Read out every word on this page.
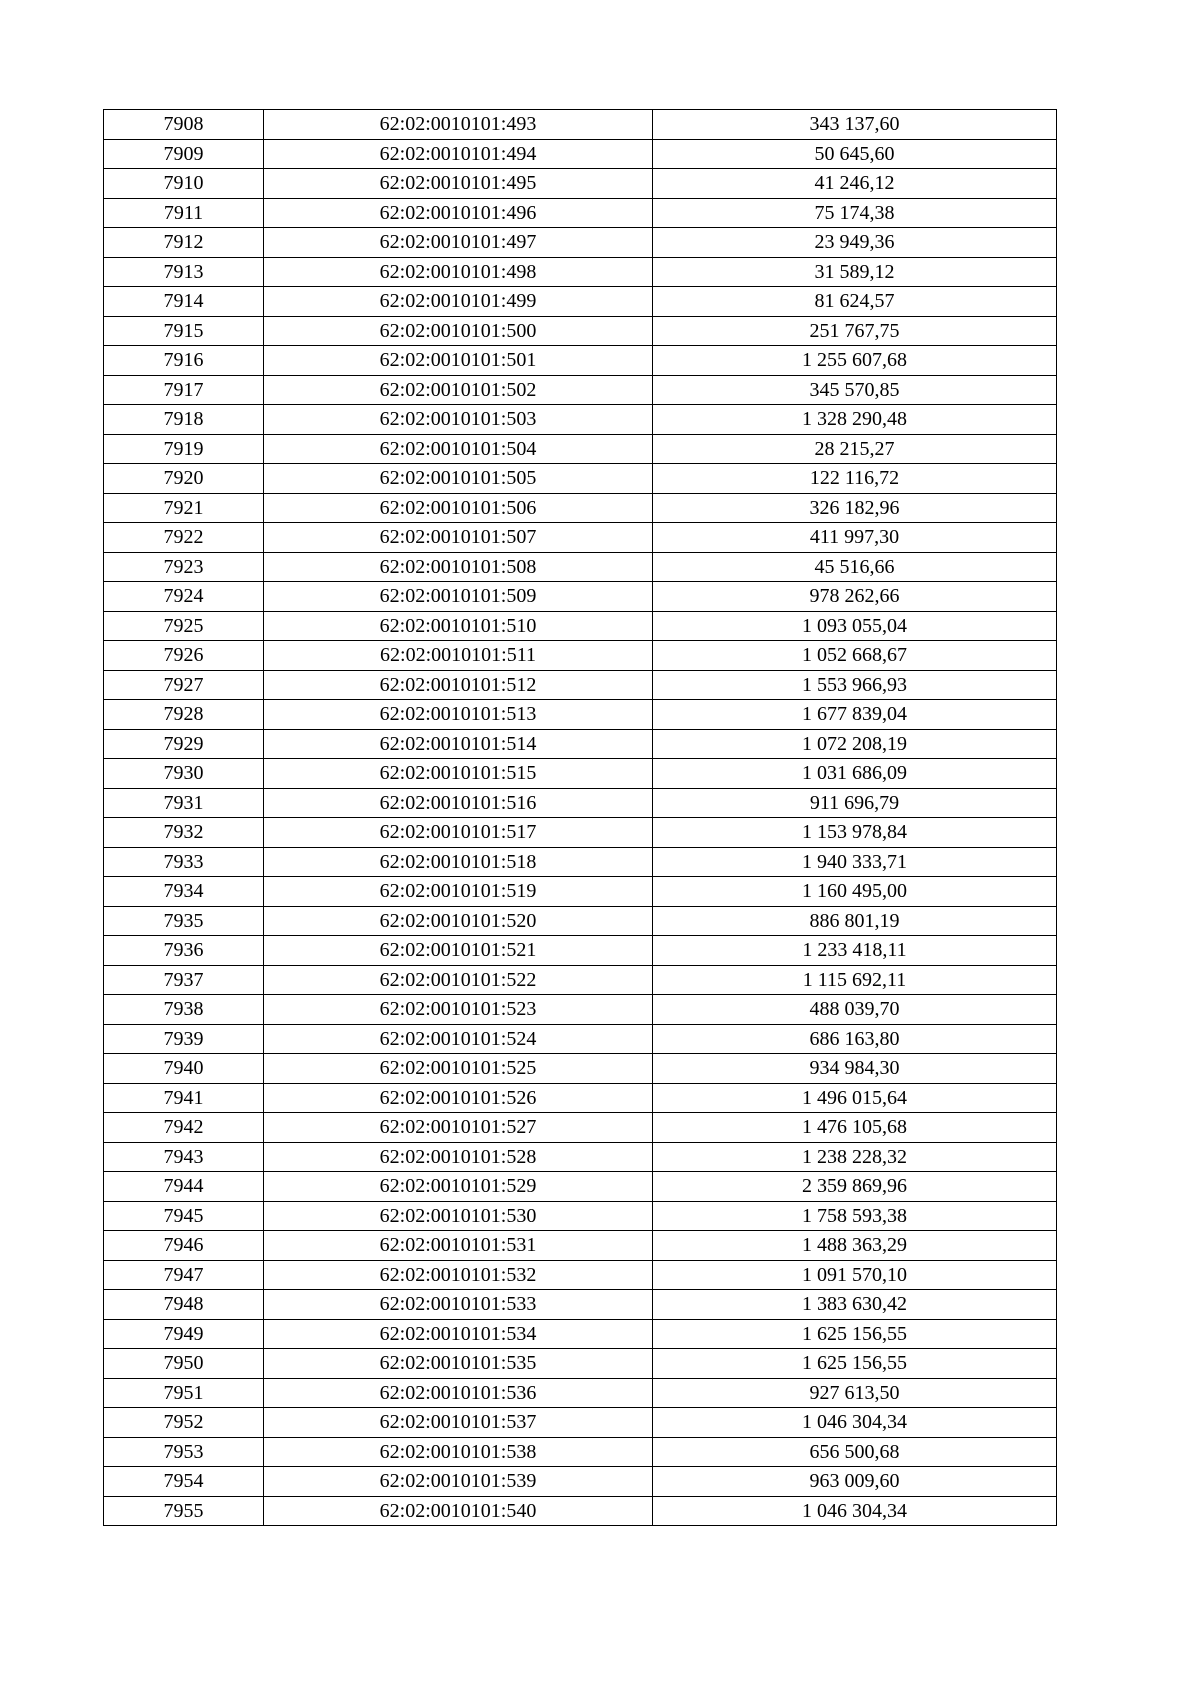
7908	62:02:0010101:493	343 137,60
7909	62:02:0010101:494	50 645,60
7910	62:02:0010101:495	41 246,12
7911	62:02:0010101:496	75 174,38
7912	62:02:0010101:497	23 949,36
7913	62:02:0010101:498	31 589,12
7914	62:02:0010101:499	81 624,57
7915	62:02:0010101:500	251 767,75
7916	62:02:0010101:501	1 255 607,68
7917	62:02:0010101:502	345 570,85
7918	62:02:0010101:503	1 328 290,48
7919	62:02:0010101:504	28 215,27
7920	62:02:0010101:505	122 116,72
7921	62:02:0010101:506	326 182,96
7922	62:02:0010101:507	411 997,30
7923	62:02:0010101:508	45 516,66
7924	62:02:0010101:509	978 262,66
7925	62:02:0010101:510	1 093 055,04
7926	62:02:0010101:511	1 052 668,67
7927	62:02:0010101:512	1 553 966,93
7928	62:02:0010101:513	1 677 839,04
7929	62:02:0010101:514	1 072 208,19
7930	62:02:0010101:515	1 031 686,09
7931	62:02:0010101:516	911 696,79
7932	62:02:0010101:517	1 153 978,84
7933	62:02:0010101:518	1 940 333,71
7934	62:02:0010101:519	1 160 495,00
7935	62:02:0010101:520	886 801,19
7936	62:02:0010101:521	1 233 418,11
7937	62:02:0010101:522	1 115 692,11
7938	62:02:0010101:523	488 039,70
7939	62:02:0010101:524	686 163,80
7940	62:02:0010101:525	934 984,30
7941	62:02:0010101:526	1 496 015,64
7942	62:02:0010101:527	1 476 105,68
7943	62:02:0010101:528	1 238 228,32
7944	62:02:0010101:529	2 359 869,96
7945	62:02:0010101:530	1 758 593,38
7946	62:02:0010101:531	1 488 363,29
7947	62:02:0010101:532	1 091 570,10
7948	62:02:0010101:533	1 383 630,42
7949	62:02:0010101:534	1 625 156,55
7950	62:02:0010101:535	1 625 156,55
7951	62:02:0010101:536	927 613,50
7952	62:02:0010101:537	1 046 304,34
7953	62:02:0010101:538	656 500,68
7954	62:02:0010101:539	963 009,60
7955	62:02:0010101:540	1 046 304,34
